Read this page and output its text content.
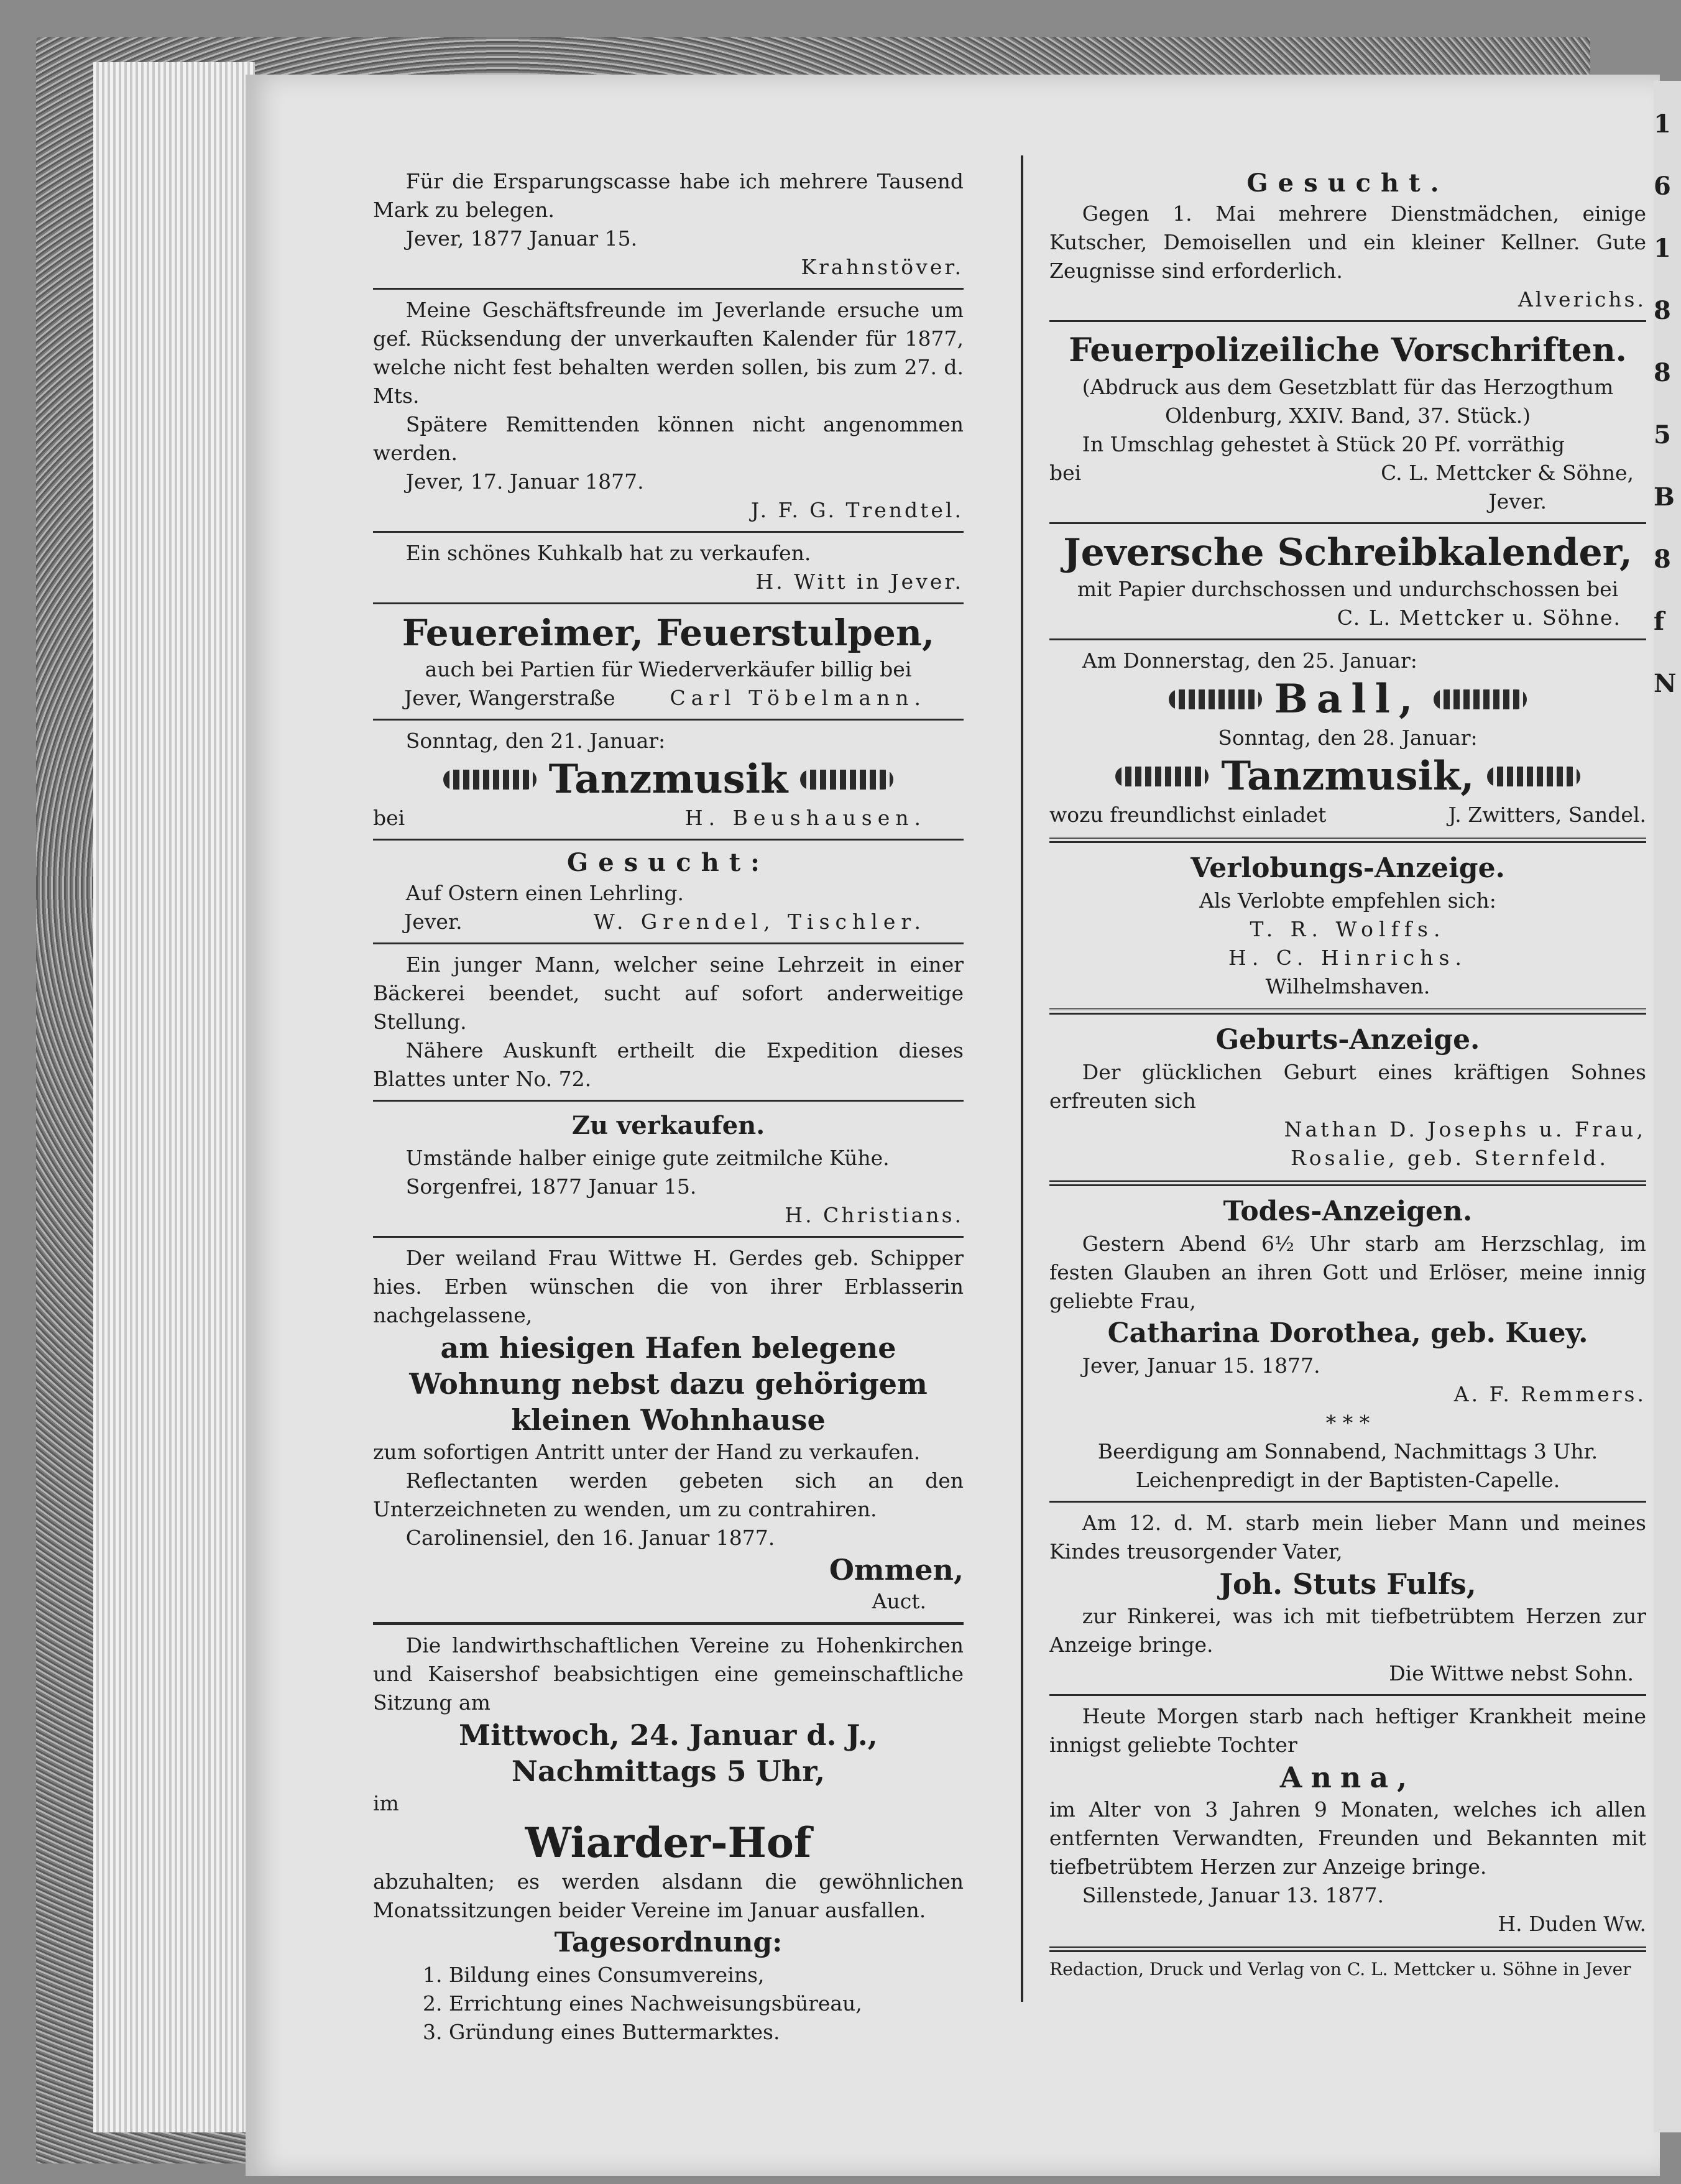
1
6
1
8
8
5
B
8
f
N

Für die Ersparungscasse habe ich mehrere Tausend Mark zu belegen.

Jever, 1877 Januar 15.

Krahnstöver.

Meine Geschäftsfreunde im Jeverlande ersuche um gef. Rücksendung der unverkauften Kalender für 1877, welche nicht fest behalten werden sollen, bis zum 27. d. Mts.

Spätere Remittenden können nicht angenommen werden.

Jever, 17. Januar 1877.

J. F. G. Trendtel.

Ein schönes Kuhkalb hat zu verkaufen.

H. Witt in Jever.

Feuereimer, Feuerstulpen,

auch bei Partien für Wiederverkäufer billig bei

Jever, Wangerstraße	Carl Töbelmann.

Sonntag, den 21. Januar:

Tanzmusik
bei	H. Beushausen.

Gesucht:

Auf Ostern einen Lehrling.

Jever.	W. Grendel, Tischler.

Ein junger Mann, welcher seine Lehrzeit in einer Bäckerei beendet, sucht auf sofort anderweitige Stellung.

Nähere Auskunft ertheilt die Expedition dieses Blattes unter No. 72.

Zu verkaufen.

Umstände halber einige gute zeitmilche Kühe.

Sorgenfrei, 1877 Januar 15.

H. Christians.

Der weiland Frau Wittwe H. Gerdes geb. Schipper hies. Erben wünschen die von ihrer Erblasserin nachgelassene,

am hiesigen Hafen belegene

Wohnung nebst dazu gehörigem

kleinen Wohnhause

zum sofortigen Antritt unter der Hand zu verkaufen.

Reflectanten werden gebeten sich an den Unterzeichneten zu wenden, um zu contrahiren.

Carolinensiel, den 16. Januar 1877.

Ommen,

Auct.

Die landwirthschaftlichen Vereine zu Hohenkirchen und Kaisershof beabsichtigen eine gemeinschaftliche Sitzung am

Mittwoch, 24. Januar d. J.,

Nachmittags 5 Uhr,

im

Wiarder-Hof

abzuhalten; es werden alsdann die gewöhnlichen Monatssitzungen beider Vereine im Januar ausfallen.

Tagesordnung:

1. Bildung eines Consumvereins,
2. Errichtung eines Nachweisungsbüreau,
3. Gründung eines Buttermarktes.

Gesucht.

Gegen 1. Mai mehrere Dienstmädchen, einige Kutscher, Demoisellen und ein kleiner Kellner. Gute Zeugnisse sind erforderlich.

Alverichs.

Feuerpolizeiliche Vorschriften.

(Abdruck aus dem Gesetzblatt für das Herzogthum Oldenburg, XXIV. Band, 37. Stück.)

In Umschlag gehestet à Stück 20 Pf. vorräthig

bei	C. L. Mettcker & Söhne,

Jever.

Jeversche Schreibkalender,

mit Papier durchschossen und undurchschossen bei

C. L. Mettcker u. Söhne.

Am Donnerstag, den 25. Januar:

Ball,

Sonntag, den 28. Januar:

Tanzmusik,
wozu freundlichst einladet	J. Zwitters, Sandel.

Verlobungs-Anzeige.

Als Verlobte empfehlen sich:

T. R. Wolffs.

H. C. Hinrichs.

Wilhelmshaven.

Geburts-Anzeige.

Der glücklichen Geburt eines kräftigen Sohnes erfreuten sich

Nathan D. Josephs u. Frau,

Rosalie, geb. Sternfeld.

Todes-Anzeigen.

Gestern Abend 6½ Uhr starb am Herzschlag, im festen Glauben an ihren Gott und Erlöser, meine innig geliebte Frau,

Catharina Dorothea, geb. Kuey.

Jever, Januar 15. 1877.

A. F. Remmers.

* * *

Beerdigung am Sonnabend, Nachmittags 3 Uhr. Leichenpredigt in der Baptisten-Capelle.

Am 12. d. M. starb mein lieber Mann und meines Kindes treusorgender Vater,

Joh. Stuts Fulfs,

zur Rinkerei, was ich mit tiefbetrübtem Herzen zur Anzeige bringe.

Die Wittwe nebst Sohn.

Heute Morgen starb nach heftiger Krankheit meine innigst geliebte Tochter

Anna,

im Alter von 3 Jahren 9 Monaten, welches ich allen entfernten Verwandten, Freunden und Bekannten mit tiefbetrübtem Herzen zur Anzeige bringe.

Sillenstede, Januar 13. 1877.

H. Duden Ww.

Redaction, Druck und Verlag von C. L. Mettcker u. Söhne in Jever
